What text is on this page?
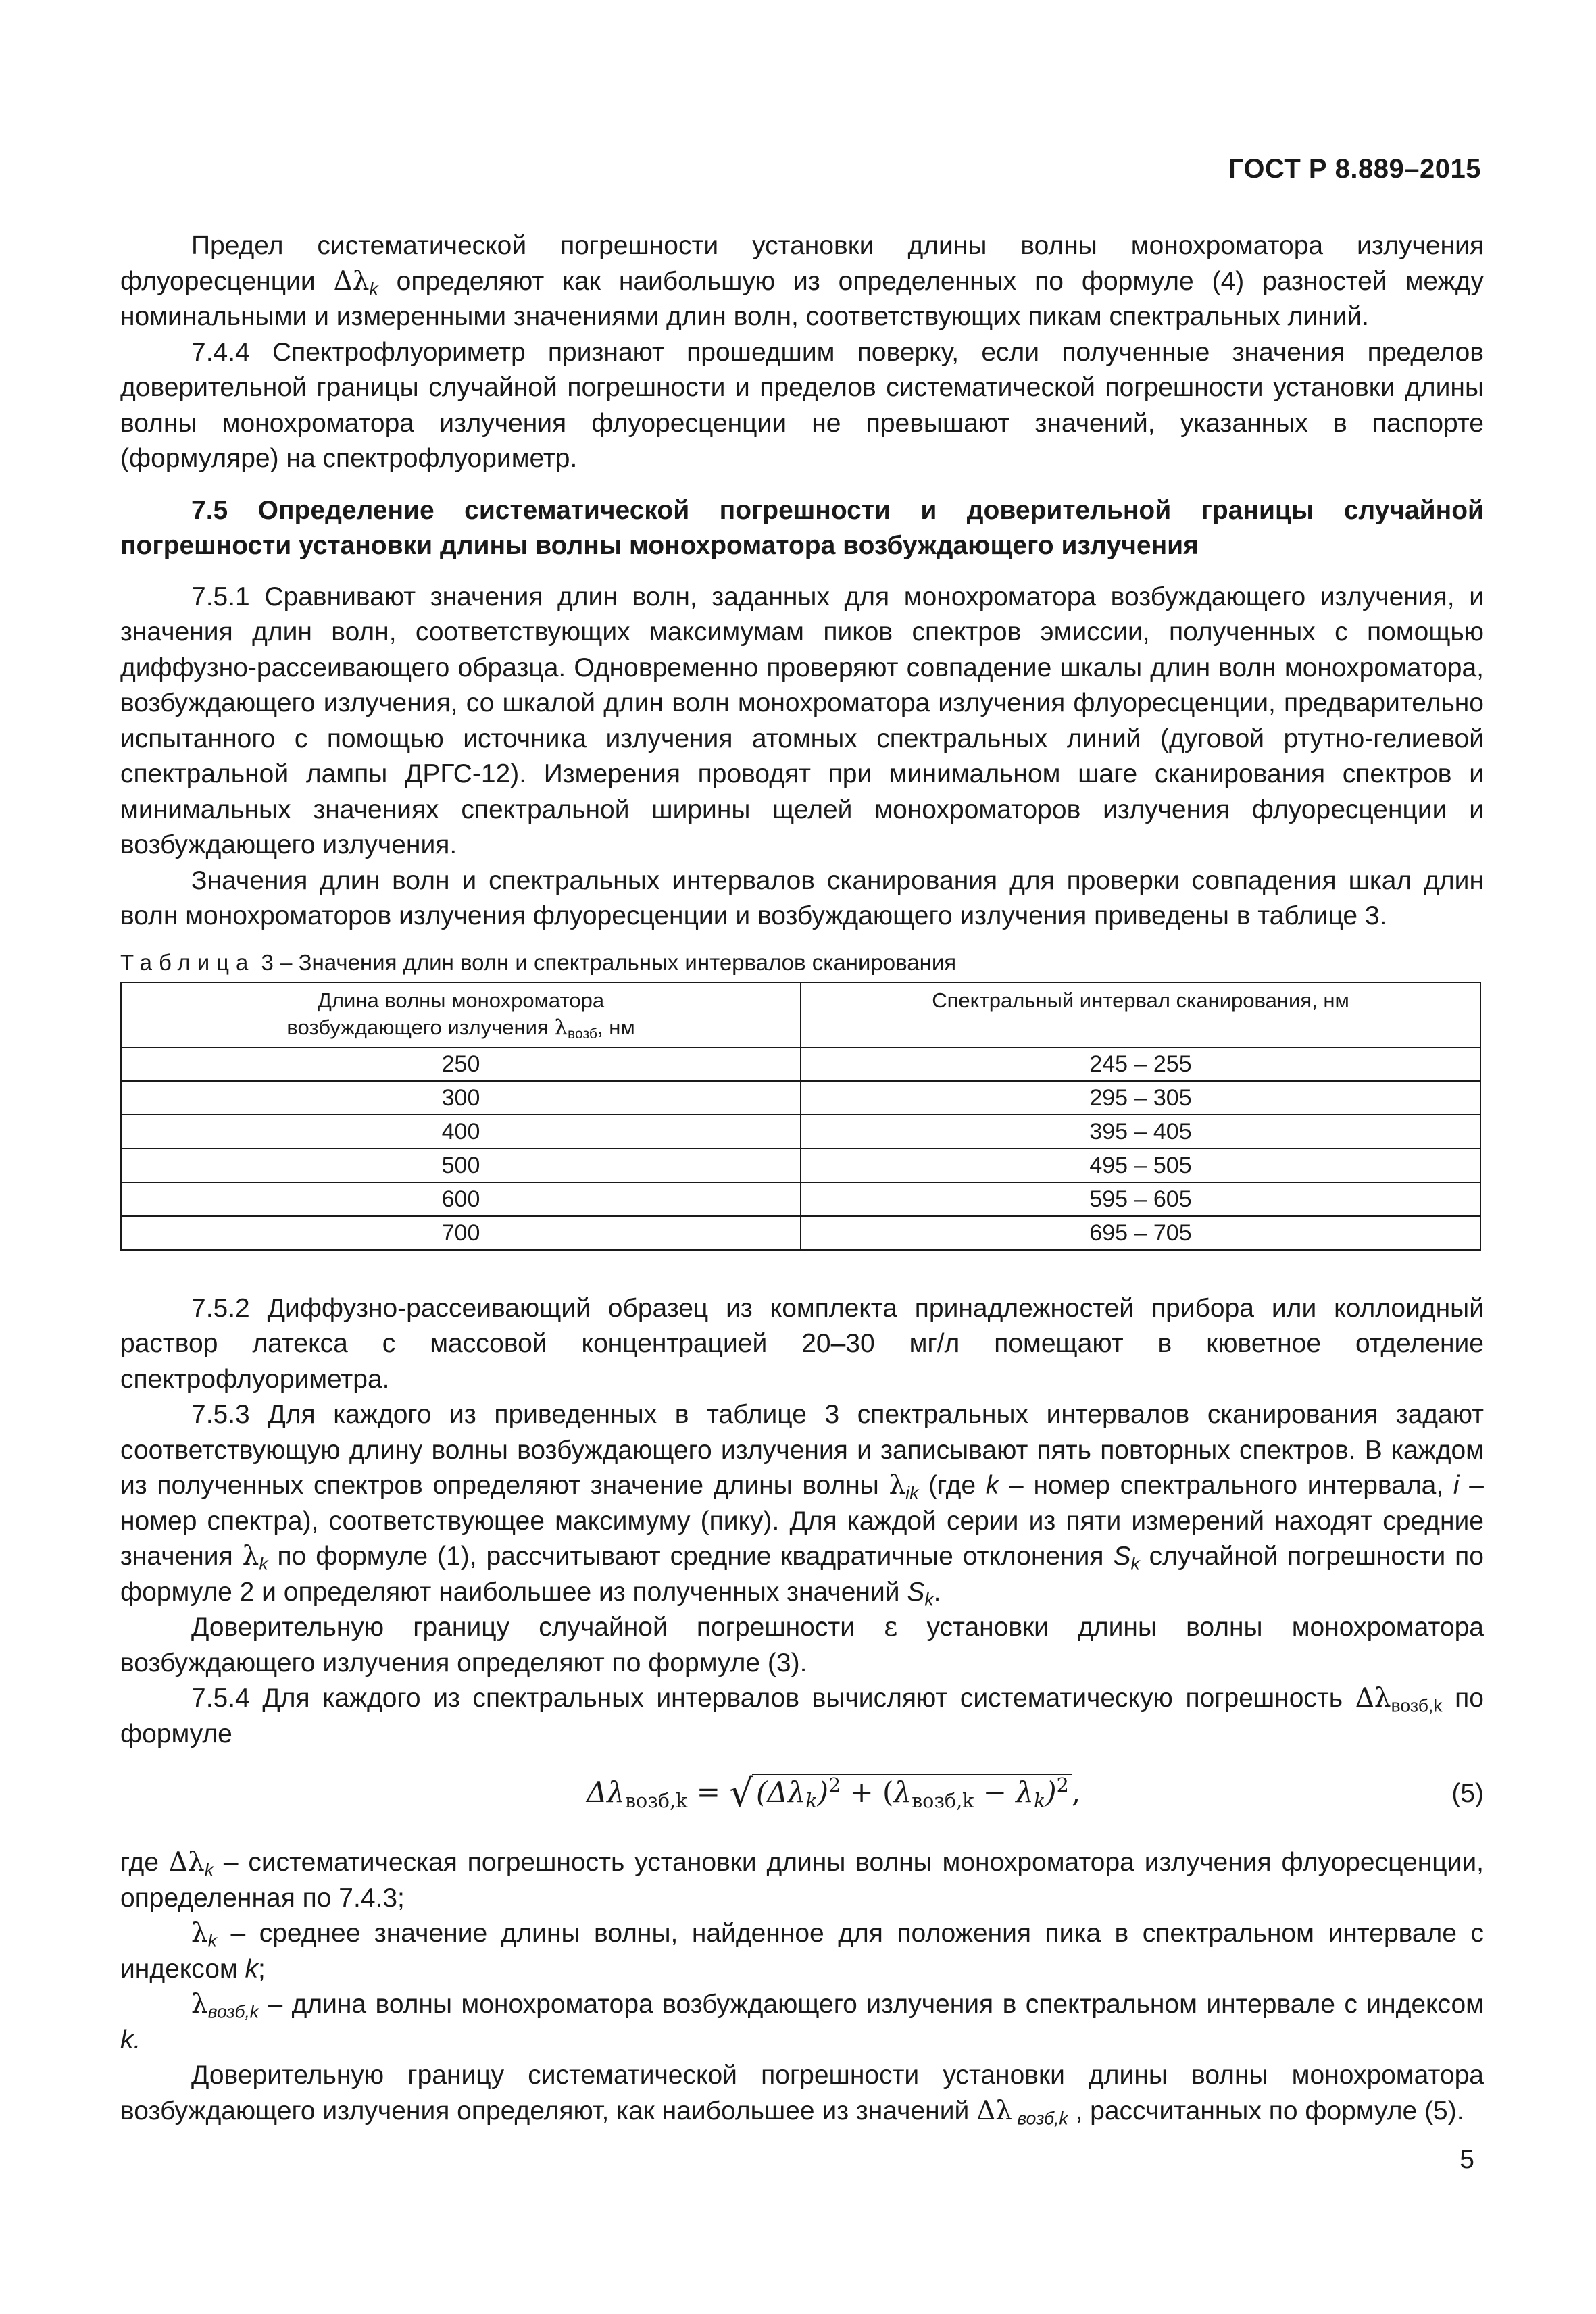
ГОСТ Р 8.889–2015

Предел систематической погрешности установки длины волны монохроматора излучения флуоресценции $\Delta\lambda_k$ определяют как наибольшую из определенных по формуле (4) разностей между номинальными и измеренными значениями длин волн, соответствующих пикам спектральных линий.

7.4.4 Спектрофлуориметр признают прошедшим поверку, если полученные значения пределов доверительной границы случайной погрешности и пределов систематической погрешности установки длины волны монохроматора излучения флуоресценции не превышают значений, указанных в паспорте (формуляре) на спектрофлуориметр.

7.5 Определение систематической погрешности и доверительной границы случайной погрешности установки длины волны монохроматора возбуждающего излучения

7.5.1 Сравнивают значения длин волн, заданных для монохроматора возбуждающего излучения, и значения длин волн, соответствующих максимумам пиков спектров эмиссии, полученных с помощью диффузно-рассеивающего образца. Одновременно проверяют совпадение шкалы длин волн монохроматора, возбуждающего излучения, со шкалой длин волн монохроматора излучения флуоресценции, предварительно испытанного с помощью источника излучения атомных спектральных линий (дуговой ртутно-гелиевой спектральной лампы ДРГС-12). Измерения проводят при минимальном шаге сканирования спектров и минимальных значениях спектральной ширины щелей монохроматоров излучения флуоресценции и возбуждающего излучения.

Значения длин волн и спектральных интервалов сканирования для проверки совпадения шкал длин волн монохроматоров излучения флуоресценции и возбуждающего излучения приведены в таблице 3.

Таблица 3 – Значения длин волн и спектральных интервалов сканирования
Длина волны монохроматора
возбуждающего излучения $\lambda_{возб}$, нм	Спектральный интервал сканирования, нм
250	245 – 255
300	295 – 305
400	395 – 405
500	495 – 505
600	595 – 605
700	695 – 705

7.5.2 Диффузно-рассеивающий образец из комплекта принадлежностей прибора или коллоидный раствор латекса с массовой концентрацией 20–30 мг/л помещают в кюветное отделение спектрофлуориметра.

7.5.3 Для каждого из приведенных в таблице 3 спектральных интервалов сканирования задают соответствующую длину волны возбуждающего излучения и записывают пять повторных спектров. В каждом из полученных спектров определяют значение длины волны $\lambda_{ik}$ (где k – номер спектрального интервала, i – номер спектра), соответствующее максимуму (пику). Для каждой серии из пяти измерений находят средние значения $\lambda_k$ по формуле (1), рассчитывают средние квадратичные отклонения $S_k$ случайной погрешности по формуле 2 и определяют наибольшее из полученных значений $S_k$.

Доверительную границу случайной погрешности ε установки длины волны монохроматора возбуждающего излучения определяют по формуле (3).

7.5.4 Для каждого из спектральных интервалов вычисляют систематическую погрешность $\Delta\lambda_{возб,k}$ по формуле

$\Delta\lambda_{возб,k} = √(\Delta\lambda_k)^2 + (\lambda_{возб,k} - \lambda_k)^2$,	(5)

где $\Delta\lambda_k$ – систематическая погрешность установки длины волны монохроматора излучения флуоресценции, определенная по 7.4.3;

$\lambda_k$ – среднее значение длины волны, найденное для положения пика в спектральном интервале с индексом k;

$\lambda_{возб,k}$ – длина волны монохроматора возбуждающего излучения в спектральном интервале с индексом k.

Доверительную границу систематической погрешности установки длины волны монохроматора возбуждающего излучения определяют, как наибольшее из значений Δλ $_{возб,k}$ , рассчитанных по формуле (5).

5
